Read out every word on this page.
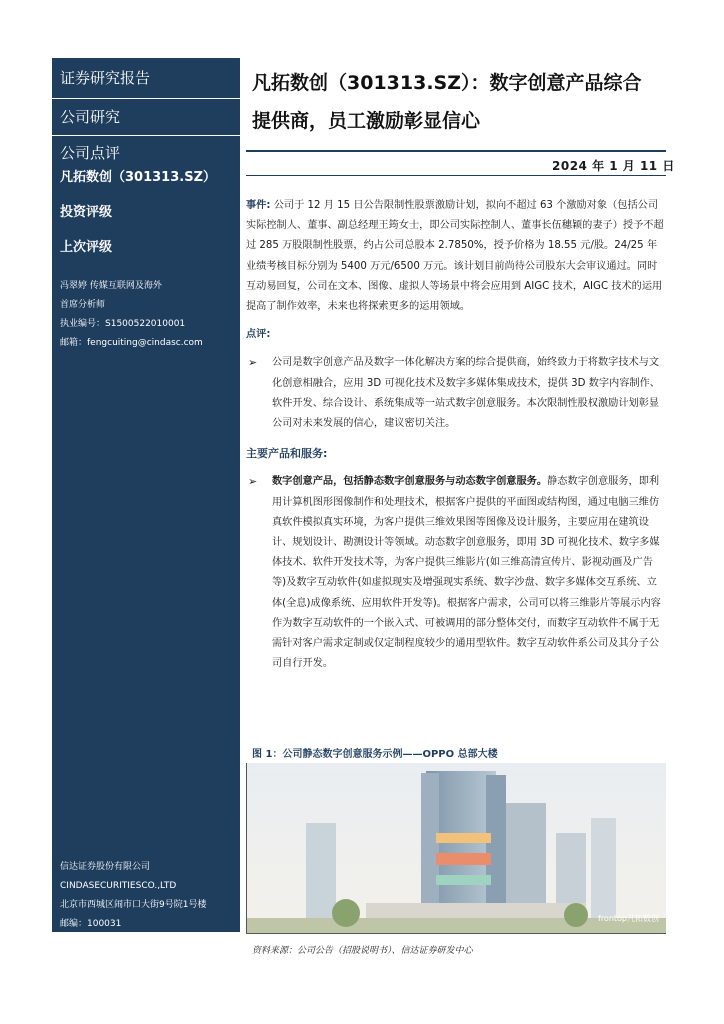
证券研究报告
公司研究
公司点评
凡拓数创（301313.SZ）
投资评级
上次评级
冯翠婷 传媒互联网及海外
首席分析师
执业编号：S1500522010001
邮箱：fengcuiting@cindasc.com
信达证券股份有限公司
CINDASECURITIESCO.,LTD
北京市西城区闹市口大街9号院1号楼
邮编：100031
凡拓数创（301313.SZ）：数字创意产品综合
提供商，员工激励彰显信心
2024 年 1 月 11 日
事件: 公司于 12 月 15 日公告限制性股票激励计划，拟向不超过 63 个激励对象（包括公司实际控制人、董事、副总经理王筠女士，即公司实际控制人、董事长伍穗颖的妻子）授予不超过 285 万股限制性股票，约占公司总股本 2.7850%，授予价格为 18.55 元/股。24/25 年业绩考核目标分别为 5400 万元/6500 万元。该计划目前尚待公司股东大会审议通过。同时互动易回复，公司在文本、图像、虚拟人等场景中将会应用到 AIGC 技术，AIGC 技术的运用提高了制作效率，未来也将探索更多的运用领域。
点评:
➢ 公司是数字创意产品及数字一体化解决方案的综合提供商，始终致力于将数字技术与文化创意相融合，应用 3D 可视化技术及数字多媒体集成技术，提供 3D 数字内容制作、软件开发、综合设计、系统集成等一站式数字创意服务。本次限制性股权激励计划彰显公司对未来发展的信心，建议密切关注。
主要产品和服务:
➢ 数字创意产品，包括静态数字创意服务与动态数字创意服务。静态数字创意服务，即利用计算机图形图像制作和处理技术，根据客户提供的平面图或结构图，通过电脑三维仿真软件模拟真实环境，为客户提供三维效果图等图像及设计服务，主要应用在建筑设计、规划设计、勘测设计等领域。动态数字创意服务，即用 3D 可视化技术、数字多媒体技术、软件开发技术等，为客户提供三维影片(如三维高清宣传片、影视动画及广告等)及数字互动软件(如虚拟现实及增强现实系统、数字沙盘、数字多媒体交互系统、立体(全息)成像系统、应用软件开发等)。根据客户需求，公司可以将三维影片等展示内容作为数字互动软件的一个嵌入式、可被调用的部分整体交付，而数字互动软件不属于无需针对客户需求定制或仅定制程度较少的通用型软件。数字互动软件系公司及其分子公司自行开发。
图 1：公司静态数字创意服务示例——OPPO 总部大楼
frontop凡拓数创
资料来源：公司公告（招股说明书）、信达证券研发中心
